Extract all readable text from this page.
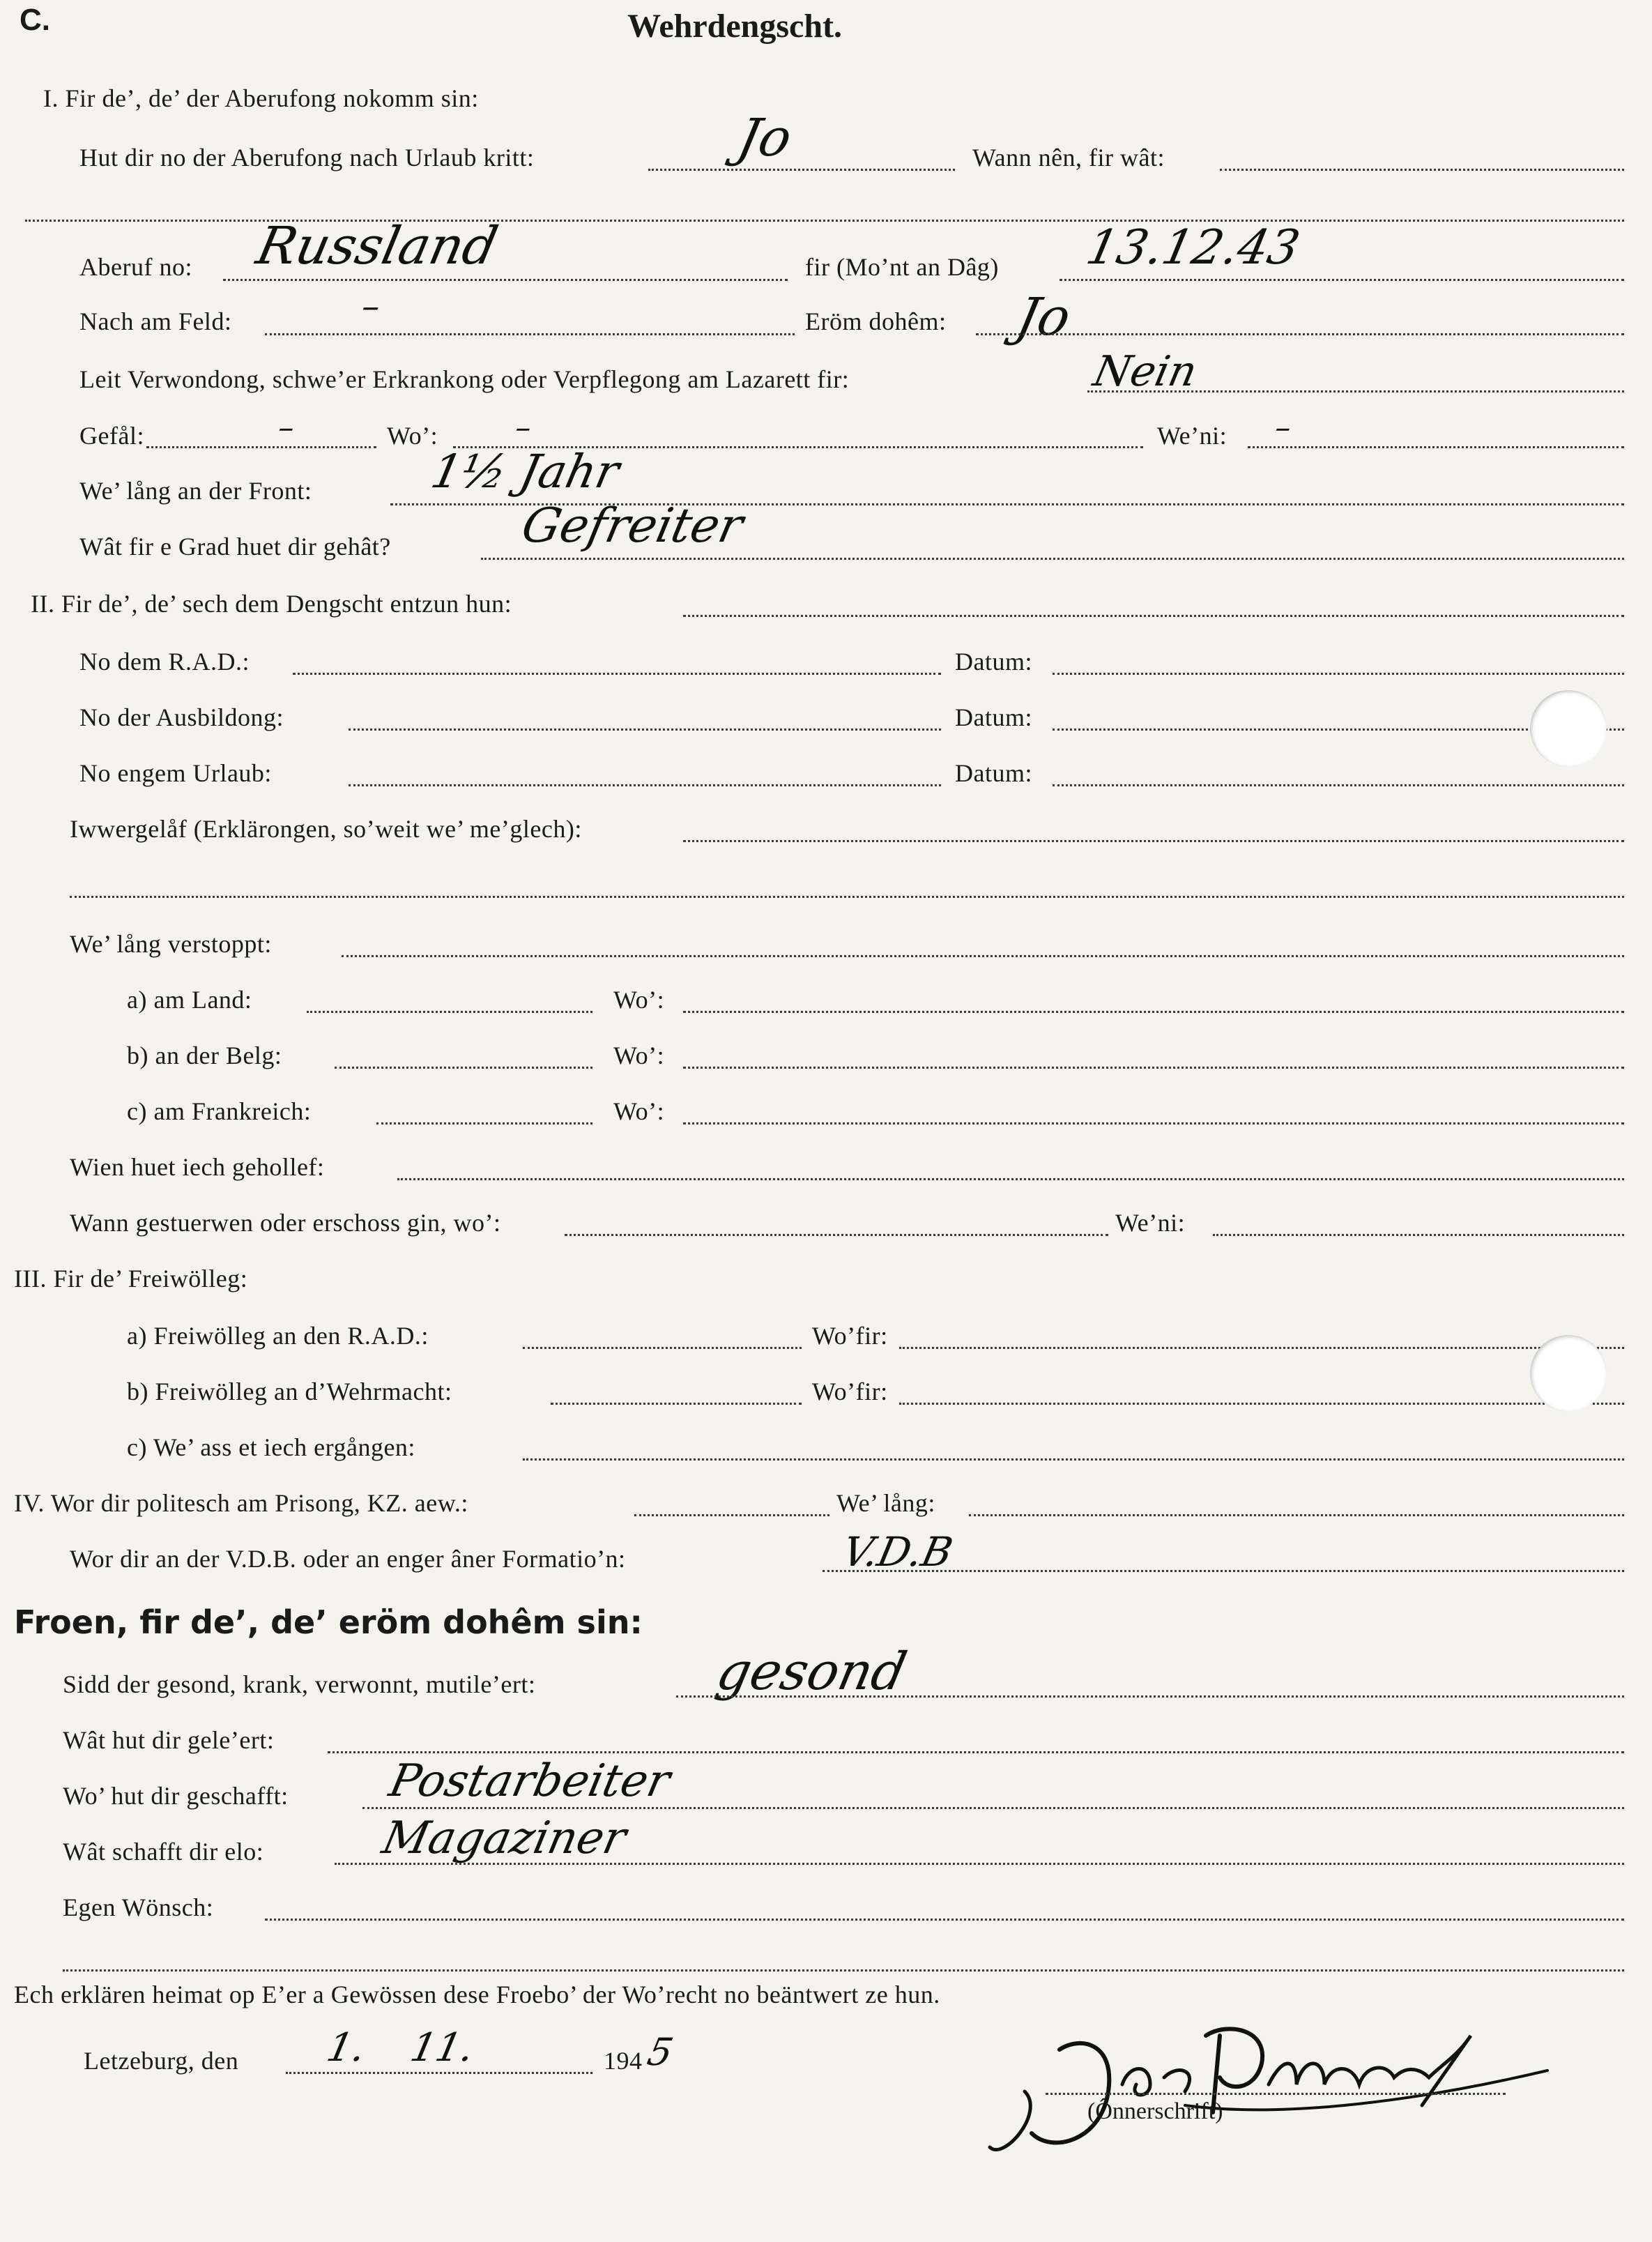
C.	Wehrdengscht.
I. Fir de’, de’ der Aberufong nokomm sin:
Hut dir no der Aberufong nach Urlaub kritt:	Jo	Wann nên, fir wât:
Aberuf no: Russland	fir (Mo’nt an Dâg) 13.12.43
Nach am Feld:	–	Eröm dohêm: Jo
Leit Verwondong, schwe’er Erkrankong oder Verpflegong am Lazarett fir:	Nein
Gefål:	–	Wo’: –	We’ni: –
We’ lång an der Front: 1½ Jahr
Wât fir e Grad huet dir gehât?	Gefreiter
II. Fir de’, de’ sech dem Dengscht entzun hun:
No dem R.A.D.:	Datum:
No der Ausbildong:	Datum:
No engem Urlaub:	Datum:
Iwwergelåf (Erklärongen, so’weit we’ me’glech):
We’ lång verstoppt:
a) am Land:	Wo’:
b) an der Belg:	Wo’:
c) am Frankreich:	Wo’:
Wien huet iech gehollef:
Wann gestuerwen oder erschoss gin, wo’:	We’ni:
III. Fir de’ Freiwölleg:
a) Freiwölleg an den R.A.D.:	Wo’fir:
b) Freiwölleg an d’Wehrmacht:	Wo’fir:
c) We’ ass et iech ergången:
IV. Wor dir politesch am Prisong, KZ. aew.:	We’ lång:
Wor dir an der V.D.B. oder an enger âner Formatio’n:	V.D.B
Froen, fir de’, de’ eröm dohêm sin:
Sidd der gesond, krank, verwonnt, mutile’ert:	gesond
Wât hut dir gele’ert:
Wo’ hut dir geschafft: Postarbeiter
Wât schafft dir elo:	Magaziner
Egen Wönsch:
Ech erklären heimat op E’er a Gewössen dese Froebo’ der Wo’recht no beäntwert ze hun.
Letzeburg, den 1. 11.	194 5
(Ônnerschrift)
